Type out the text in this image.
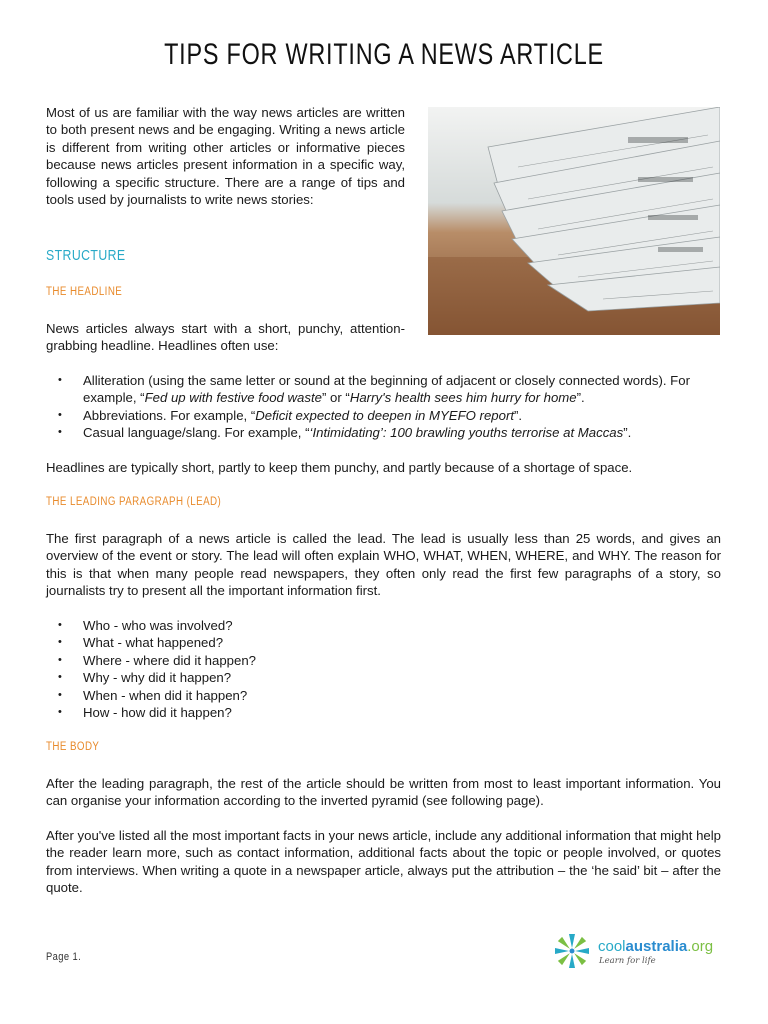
TIPS FOR WRITING A NEWS ARTICLE
Most of us are familiar with the way news articles are written to both present news and be engaging. Writing a news article is different from writing other articles or informative pieces because news articles present information in a specific way, following a specific structure. There are a range of tips and tools used by journalists to write news stories:
STRUCTURE
THE HEADLINE
News articles always start with a short, punchy, attention-grabbing headline. Headlines often use:
• Alliteration (using the same letter or sound at the beginning of adjacent or closely connected words). For example, “Fed up with festive food waste” or “Harry's health sees him hurry for home”.
• Abbreviations. For example, “Deficit expected to deepen in MYEFO report”.
• Casual language/slang. For example, “‘Intimidating’: 100 brawling youths terrorise at Maccas”.
Headlines are typically short, partly to keep them punchy, and partly because of a shortage of space.
THE LEADING PARAGRAPH (LEAD)
The first paragraph of a news article is called the lead. The lead is usually less than 25 words, and gives an overview of the event or story. The lead will often explain WHO, WHAT, WHEN, WHERE, and WHY. The reason for this is that when many people read newspapers, they often only read the first few paragraphs of a story, so journalists try to present all the important information first.
• Who - who was involved?
• What - what happened?
• Where - where did it happen?
• Why - why did it happen?
• When - when did it happen?
• How - how did it happen?
THE BODY
After the leading paragraph, the rest of the article should be written from most to least important information. You can organise your information according to the inverted pyramid (see following page).
After you've listed all the most important facts in your news article, include any additional information that might help the reader learn more, such as contact information, additional facts about the topic or people involved, or quotes from interviews. When writing a quote in a newspaper article, always put the attribution – the ‘he said’ bit – after the quote.
Page 1.
coolaustralia.org
Learn for life
